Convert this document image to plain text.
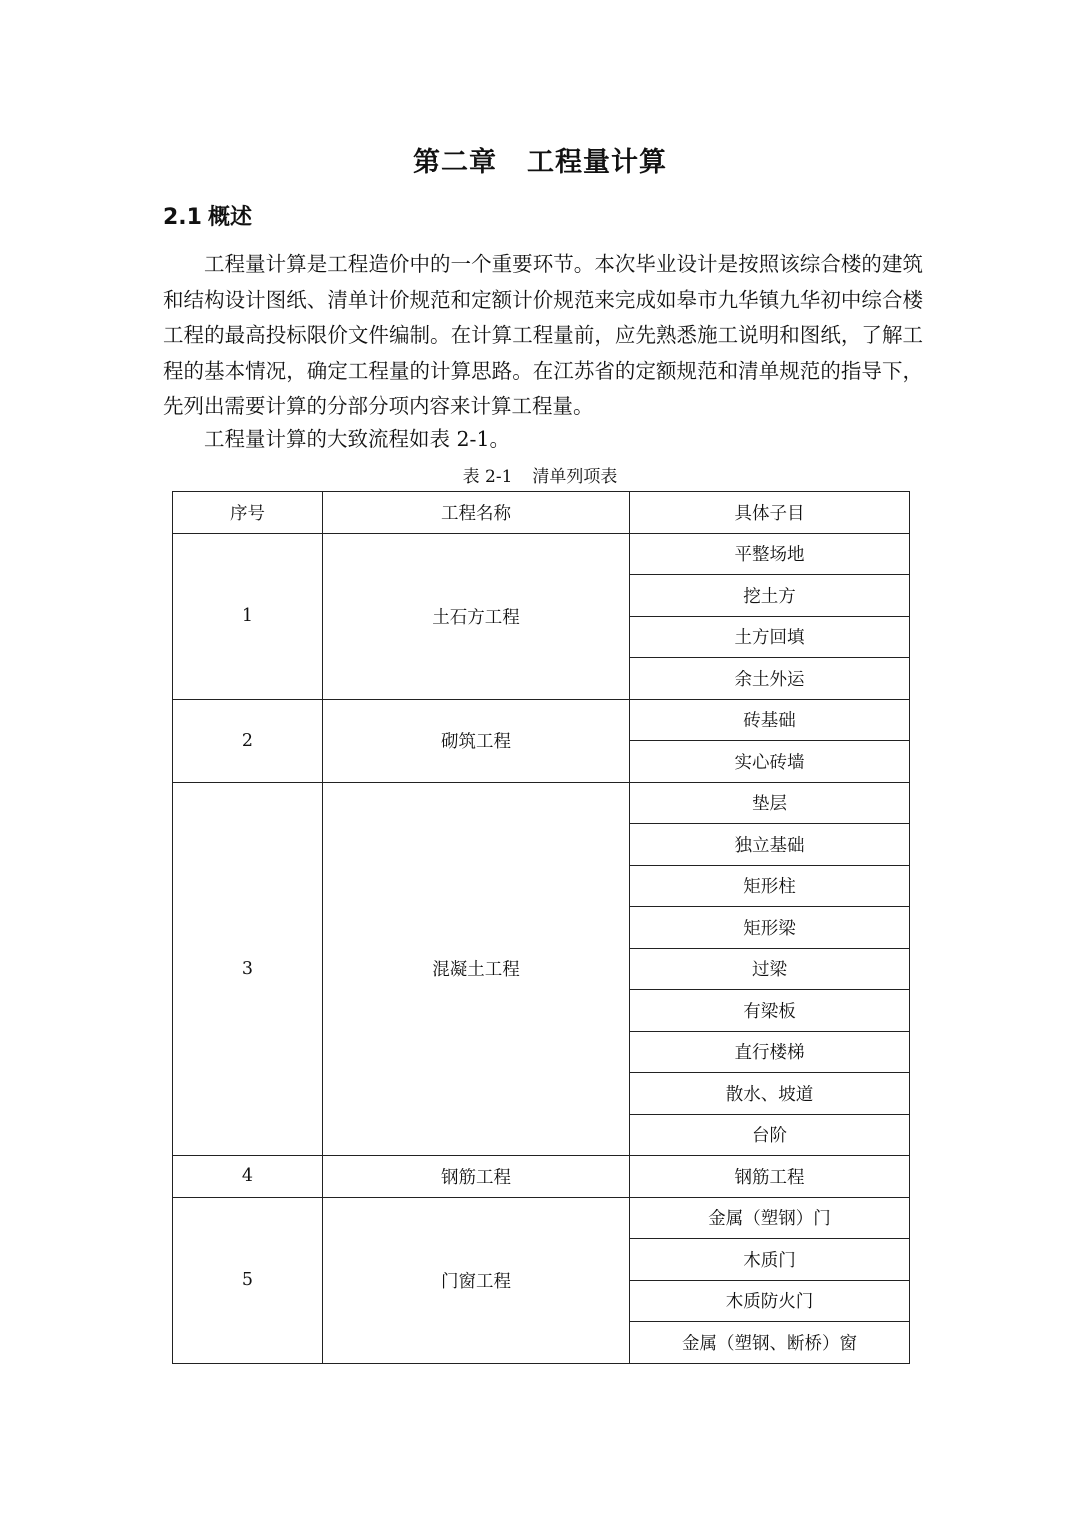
第二章 工程量计算
2.1 概述

工程量计算是工程造价中的一个重要环节。本次毕业设计是按照该综合楼的建筑和结构设计图纸、清单计价规范和定额计价规范来完成如皋市九华镇九华初中综合楼工程的最高投标限价文件编制。在计算工程量前，应先熟悉施工说明和图纸，了解工程的基本情况，确定工程量的计算思路。在江苏省的定额规范和清单规范的指导下，先列出需要计算的分部分项内容来计算工程量。

工程量计算的大致流程如表 2-1。

表 2-1 清单列项表
序号	工程名称	具体子目
1	土石方工程	平整场地
		挖土方
		土方回填
		余土外运
2	砌筑工程	砖基础
		实心砖墙
3	混凝土工程	垫层
		独立基础
		矩形柱
		矩形梁
		过梁
		有梁板
		直行楼梯
		散水、坡道
		台阶
4	钢筋工程	钢筋工程
5	门窗工程	金属（塑钢）门
		木质门
		木质防火门
		金属（塑钢、断桥）窗
